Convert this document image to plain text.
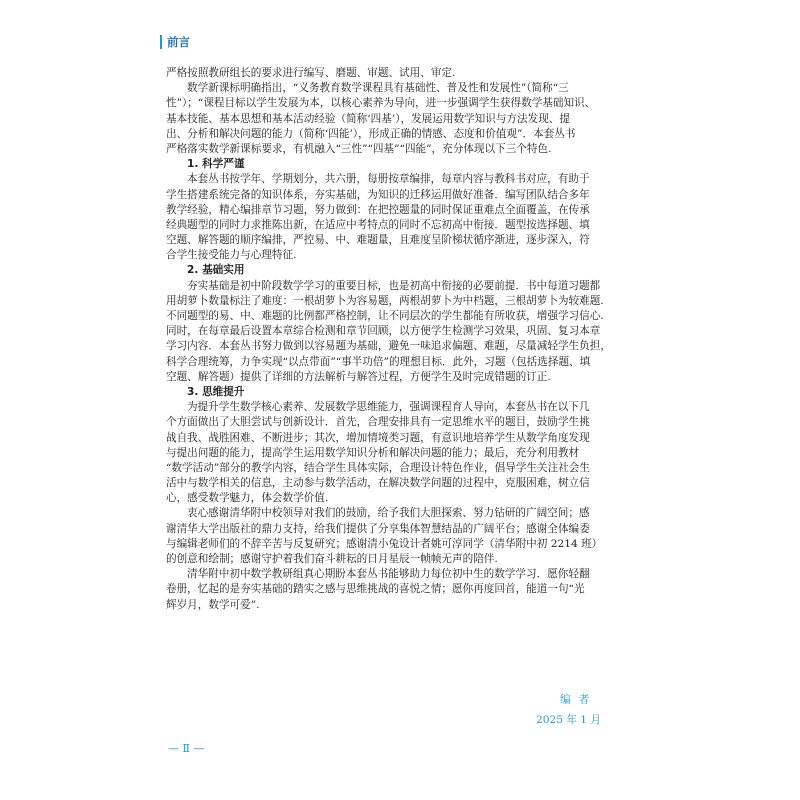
前言
严格按照教研组长的要求进行编写、磨题、审题、试用、审定.
数学新课标明确指出，“义务教育数学课程具有基础性、普及性和发展性”（简称“三
性”）；“课程目标以学生发展为本，以核心素养为导向，进一步强调学生获得数学基础知识、
基本技能、基本思想和基本活动经验（简称‘四基’），发展运用数学知识与方法发现、提
出、分析和解决问题的能力（简称‘四能’），形成正确的情感、态度和价值观”．本套丛书
严格落实数学新课标要求，有机融入“三性”“四基”“四能”，充分体现以下三个特色.
1. 科学严谨
本套丛书按学年、学期划分，共六册，每册按章编排，每章内容与教科书对应，有助于
学生搭建系统完备的知识体系，夯实基础，为知识的迁移运用做好准备．编写团队结合多年
教学经验，精心编排章节习题，努力做到：在把控题量的同时保证重难点全面覆盖，在传承
经典题型的同时力求推陈出新，在适应中考特点的同时不忘初高中衔接．题型按选择题、填
空题、解答题的顺序编排，严控易、中、难题量，且难度呈阶梯状循序渐进，逐步深入，符
合学生接受能力与心理特征.
2. 基础实用
夯实基础是初中阶段数学学习的重要目标，也是初高中衔接的必要前提．书中每道习题都
用胡萝卜数量标注了难度：一根胡萝卜为容易题，两根胡萝卜为中档题，三根胡萝卜为较难题.
不同题型的易、中、难题的比例都严格控制，让不同层次的学生都能有所收获，增强学习信心.
同时，在每章最后设置本章综合检测和章节回顾，以方便学生检测学习效果，巩固、复习本章
学习内容．本套丛书努力做到以容易题为基础，避免一味追求偏题、难题，尽量减轻学生负担，
科学合理统筹，力争实现“以点带面”“事半功倍”的理想目标．此外，习题（包括选择题、填
空题、解答题）提供了详细的方法解析与解答过程，方便学生及时完成错题的订正.
3. 思维提升
为提升学生数学核心素养、发展数学思维能力，强调课程育人导向，本套丛书在以下几
个方面做出了大胆尝试与创新设计．首先，合理安排具有一定思维水平的题目，鼓励学生挑
战自我、战胜困难、不断进步；其次，增加情境类习题，有意识地培养学生从数学角度发现
与提出问题的能力，提高学生运用数学知识分析和解决问题的能力；最后，充分利用教材
“数学活动”部分的教学内容，结合学生具体实际，合理设计特色作业，倡导学生关注社会生
活中与数学相关的信息，主动参与数学活动，在解决数学问题的过程中，克服困难，树立信
心，感受数学魅力，体会数学价值.
衷心感谢清华附中校领导对我们的鼓励，给予我们大胆探索、努力钻研的广阔空间；感
谢清华大学出版社的鼎力支持，给我们提供了分享集体智慧结晶的广阔平台；感谢全体编委
与编辑老师们的不辞辛苦与反复研究；感谢清小兔设计者姚可淳同学（清华附中初 2214 班）
的创意和绘制；感谢守护着我们奋斗耕耘的日月星辰一帧帧无声的陪伴.
清华附中初中数学教研组真心期盼本套丛书能够助力每位初中生的数学学习．愿你轻翻
卷册，忆起的是夯实基础的踏实之感与思维挑战的喜悦之情；愿你再度回首，能道一句“光
辉岁月，数学可爱”.
编者
2025 年 1 月
— Ⅱ —
